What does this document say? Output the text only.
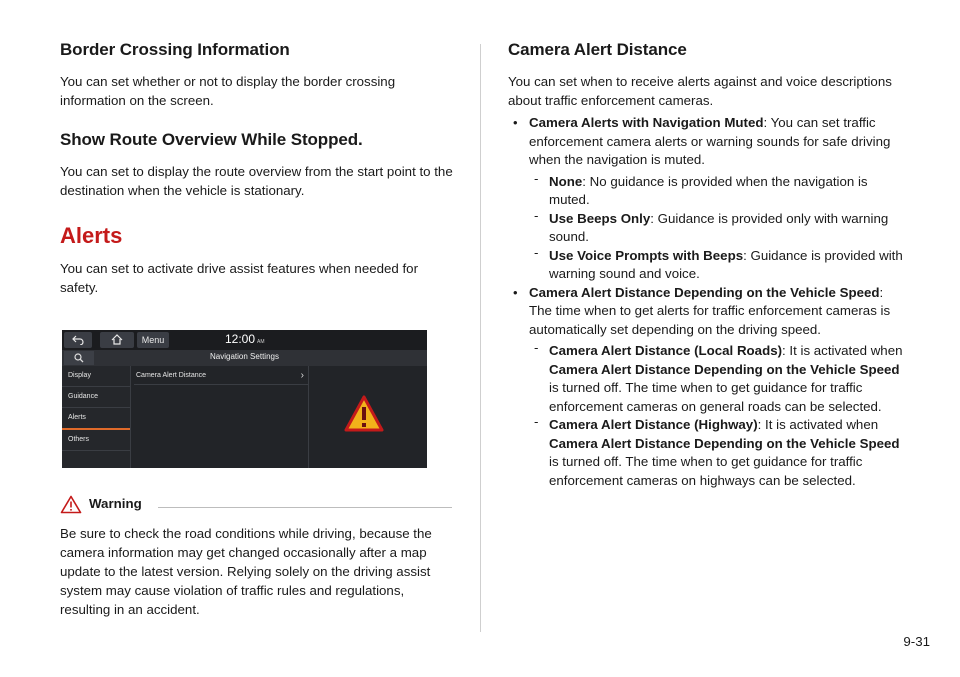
Border Crossing Information

You can set whether or not to display the border crossing information on the screen.

Show Route Overview While Stopped.

You can set to display the route overview from the start point to the destination when the vehicle is stationary.

Alerts

You can set to activate drive assist features when needed for safety.

Menu	12:00 AM
Navigation Settings
Display
Guidance
Alerts
Others
Camera Alert Distance	›
Warning

Be sure to check the road conditions while driving, because the camera information may get changed occasionally after a map update to the latest version. Relying solely on the driving assist system may cause violation of traffic rules and regulations, resulting in an accident.

Camera Alert Distance

You can set when to receive alerts against and voice descriptions about traffic enforcement cameras.

• Camera Alerts with Navigation Muted: You can set traffic enforcement camera alerts or warning sounds for safe driving when the navigation is muted.
- None: No guidance is provided when the navigation is muted.
- Use Beeps Only: Guidance is provided only with warning sound.
- Use Voice Prompts with Beeps: Guidance is provided with warning sound and voice.
• Camera Alert Distance Depending on the Vehicle Speed: The time when to get alerts for traffic enforcement cameras is automatically set depending on the driving speed.
- Camera Alert Distance (Local Roads): It is activated when Camera Alert Distance Depending on the Vehicle Speed is turned off. The time when to get guidance for traffic enforcement cameras on general roads can be selected.
- Camera Alert Distance (Highway): It is activated when Camera Alert Distance Depending on the Vehicle Speed is turned off. The time when to get guidance for traffic enforcement cameras on highways can be selected.
9-31
